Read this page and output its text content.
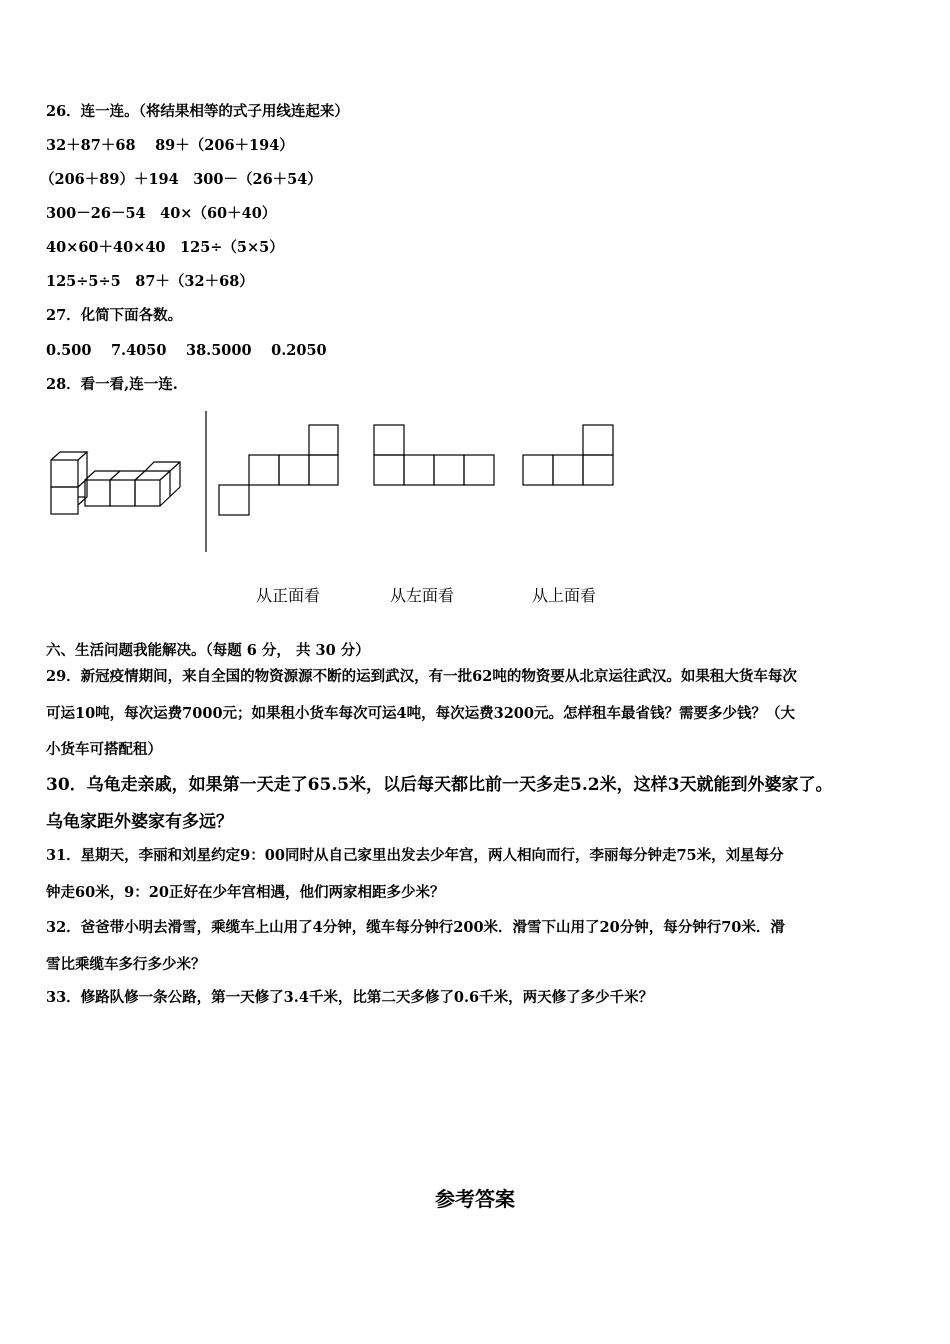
26．连一连。（将结果相等的式子用线连起来）
32＋87＋68　 89＋（206＋194）
（206＋89）＋194　300－（26＋54）
300－26－54　40×（60＋40）
40×60＋40×40　125÷（5×5）
125÷5÷5　87＋（32＋68）
27．化简下面各数。
0.500　 7.4050　 38.5000　 0.2050
28．看一看,连一连.
从正面看	从左面看	从上面看
六、生活问题我能解决。（每题 6 分， 共 30 分）
29．新冠疫情期间，来自全国的物资源源不断的运到武汉，有一批62吨的物资要从北京运往武汉。如果租大货车每次
可运10吨，每次运费7000元；如果租小货车每次可运4吨，每次运费3200元。怎样租车最省钱？需要多少钱？（大
小货车可搭配租）
30．乌龟走亲戚，如果第一天走了65.5米，以后每天都比前一天多走5.2米，这样3天就能到外婆家了。
乌龟家距外婆家有多远？
31．星期天，李丽和刘星约定9：00同时从自己家里出发去少年宫，两人相向而行，李丽每分钟走75米，刘星每分
钟走60米，9：20正好在少年宫相遇，他们两家相距多少米？
32．爸爸带小明去滑雪，乘缆车上山用了4分钟，缆车每分钟行200米．滑雪下山用了20分钟，每分钟行70米．滑
雪比乘缆车多行多少米？
33．修路队修一条公路，第一天修了3.4千米，比第二天多修了0.6千米，两天修了多少千米？
参考答案
